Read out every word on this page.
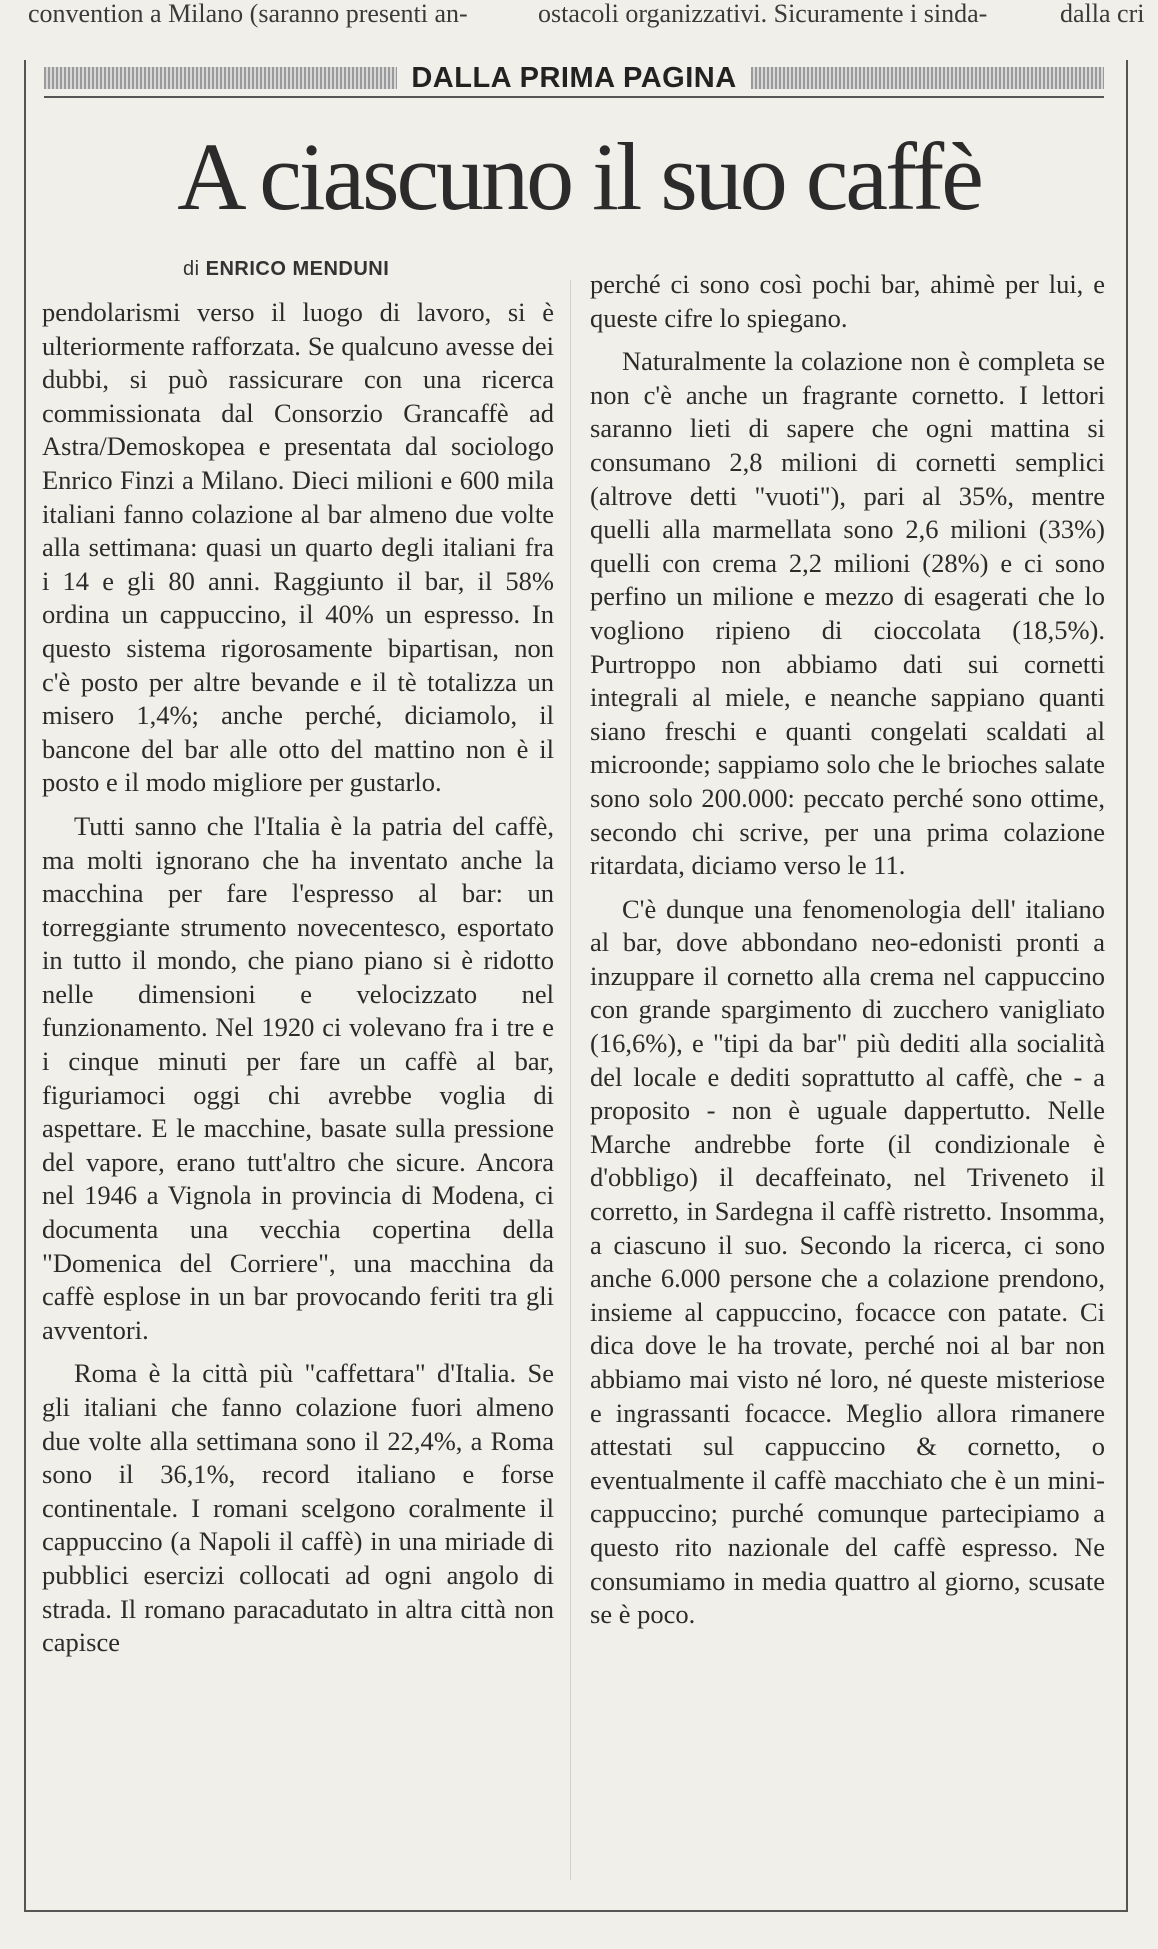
convention a Milano (saranno presenti an-	ostacoli organizzativi. Sicuramente i sinda-	dalla cri
DALLA PRIMA PAGINA
A ciascuno il suo caffè
di ENRICO MENDUNI

pendolarismi verso il luogo di lavoro, si è ulteriormente rafforzata. Se qualcuno avesse dei dubbi, si può rassicurare con una ricerca commissionata dal Consorzio Grancaffè ad Astra/Demoskopea e presentata dal sociologo Enrico Finzi a Milano. Dieci milioni e 600 mila italiani fanno colazione al bar almeno due volte alla settimana: quasi un quarto degli italiani fra i 14 e gli 80 anni. Raggiunto il bar, il 58% ordina un cappuccino, il 40% un espresso. In questo sistema rigorosamente bipartisan, non c'è posto per altre bevande e il tè totalizza un misero 1,4%; anche perché, diciamolo, il bancone del bar alle otto del mattino non è il posto e il modo migliore per gustarlo.

Tutti sanno che l'Italia è la patria del caffè, ma molti ignorano che ha inventato anche la macchina per fare l'espresso al bar: un torreggiante strumento novecentesco, esportato in tutto il mondo, che piano piano si è ridotto nelle dimensioni e velocizzato nel funzionamento. Nel 1920 ci volevano fra i tre e i cinque minuti per fare un caffè al bar, figuriamoci oggi chi avrebbe voglia di aspettare. E le macchine, basate sulla pressione del vapore, erano tutt'altro che sicure. Ancora nel 1946 a Vignola in provincia di Modena, ci documenta una vecchia copertina della "Domenica del Corriere", una macchina da caffè esplose in un bar provocando feriti tra gli avventori.

Roma è la città più "caffettara" d'Italia. Se gli italiani che fanno colazione fuori almeno due volte alla settimana sono il 22,4%, a Roma sono il 36,1%, record italiano e forse continentale. I romani scelgono coralmente il cappuccino (a Napoli il caffè) in una miriade di pubblici esercizi collocati ad ogni angolo di strada. Il romano paracadutato in altra città non capisce

perché ci sono così pochi bar, ahimè per lui, e queste cifre lo spiegano.

Naturalmente la colazione non è completa se non c'è anche un fragrante cornetto. I lettori saranno lieti di sapere che ogni mattina si consumano 2,8 milioni di cornetti semplici (altrove detti "vuoti"), pari al 35%, mentre quelli alla marmellata sono 2,6 milioni (33%) quelli con crema 2,2 milioni (28%) e ci sono perfino un milione e mezzo di esagerati che lo vogliono ripieno di cioccolata (18,5%). Purtroppo non abbiamo dati sui cornetti integrali al miele, e neanche sappiano quanti siano freschi e quanti congelati scaldati al microonde; sappiamo solo che le brioches salate sono solo 200.000: peccato perché sono ottime, secondo chi scrive, per una prima colazione ritardata, diciamo verso le 11.

C'è dunque una fenomenologia dell' italiano al bar, dove abbondano neo-edonisti pronti a inzuppare il cornetto alla crema nel cappuccino con grande spargimento di zucchero vanigliato (16,6%), e "tipi da bar" più dediti alla socialità del locale e dediti soprattutto al caffè, che - a proposito - non è uguale dappertutto. Nelle Marche andrebbe forte (il condizionale è d'obbligo) il decaffeinato, nel Triveneto il corretto, in Sardegna il caffè ristretto. Insomma, a ciascuno il suo. Secondo la ricerca, ci sono anche 6.000 persone che a colazione prendono, insieme al cappuccino, focacce con patate. Ci dica dove le ha trovate, perché noi al bar non abbiamo mai visto né loro, né queste misteriose e ingrassanti focacce. Meglio allora rimanere attestati sul cappuccino & cornetto, o eventualmente il caffè macchiato che è un mini-cappuccino; purché comunque partecipiamo a questo rito nazionale del caffè espresso. Ne consumiamo in media quattro al giorno, scusate se è poco.
